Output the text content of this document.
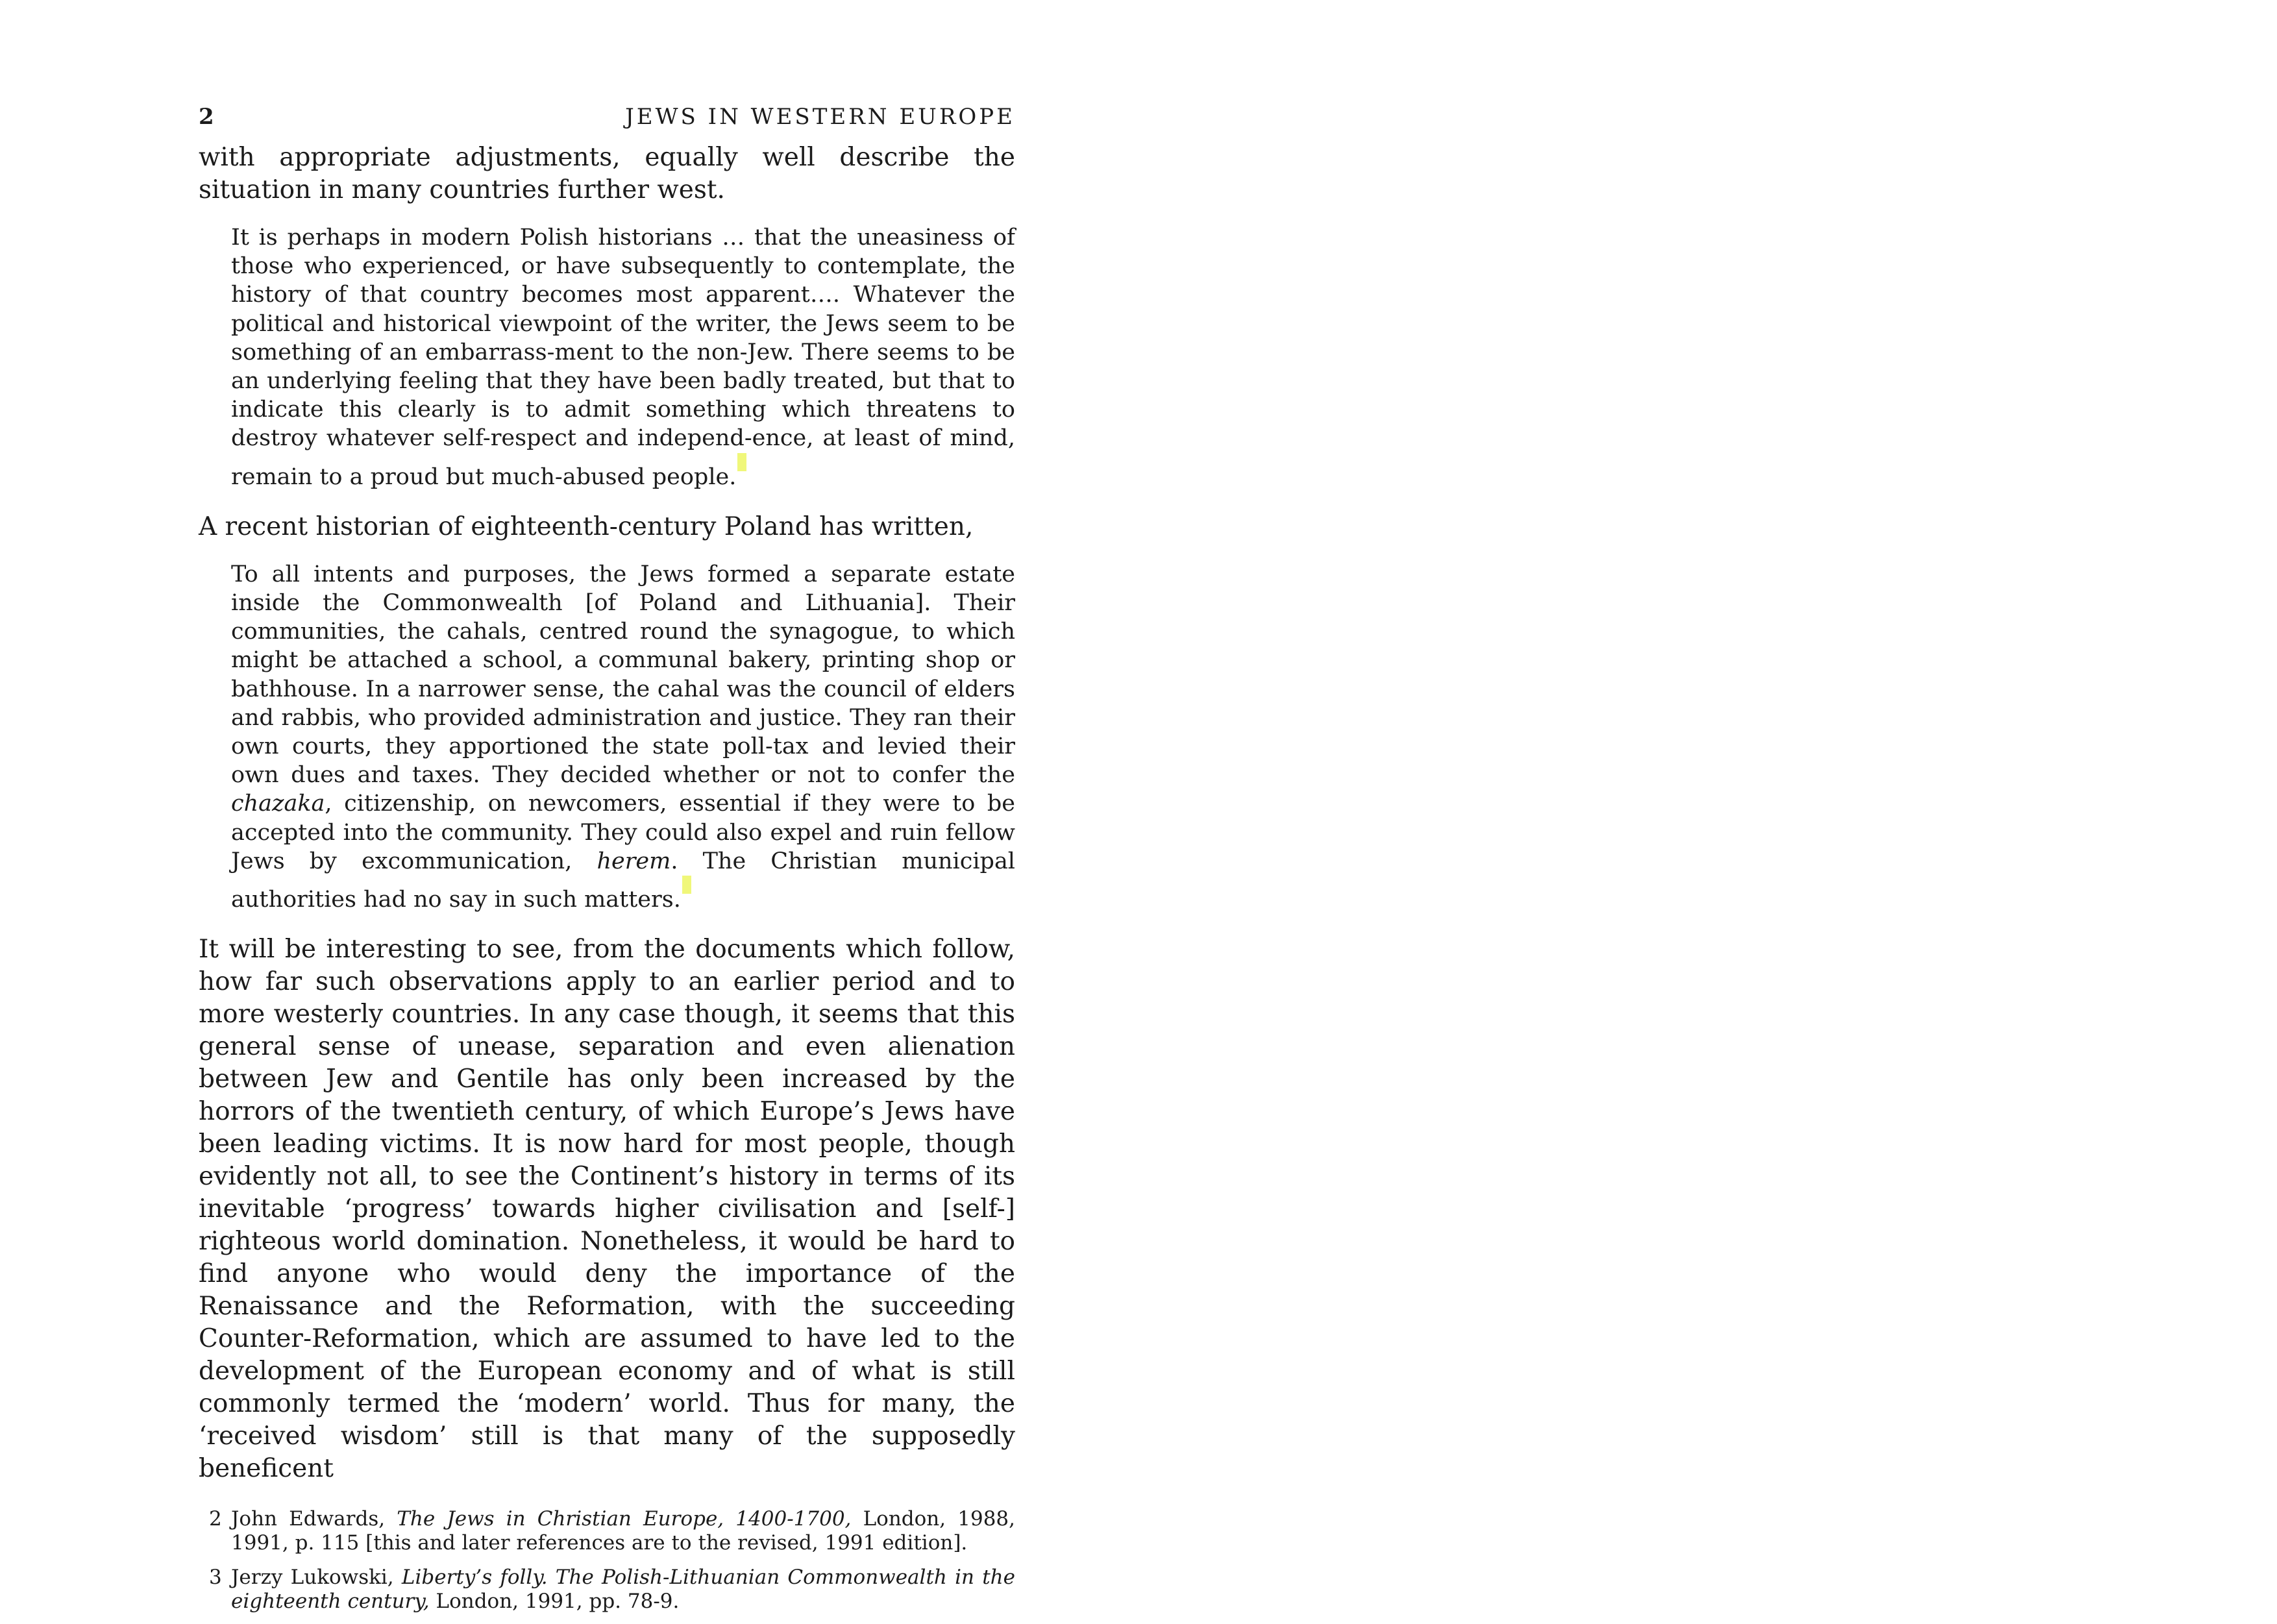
2	JEWS IN WESTERN EUROPE

with appropriate adjustments, equally well describe the situation in many countries further west.

It is perhaps in modern Polish historians … that the uneasiness of those who experienced, or have subsequently to contemplate, the history of that country becomes most apparent…. Whatever the political and historical viewpoint of the writer, the Jews seem to be something of an embarrass-ment to the non-Jew. There seems to be an underlying feeling that they have been badly treated, but that to indicate this clearly is to admit something which threatens to destroy whatever self-respect and independ-ence, at least of mind, remain to a proud but much-abused people.

A recent historian of eighteenth-century Poland has written,

To all intents and purposes, the Jews formed a separate estate inside the Commonwealth [of Poland and Lithuania]. Their communities, the cahals, centred round the synagogue, to which might be attached a school, a communal bakery, printing shop or bathhouse. In a narrower sense, the cahal was the council of elders and rabbis, who provided administration and justice. They ran their own courts, they apportioned the state poll-tax and levied their own dues and taxes. They decided whether or not to confer the chazaka, citizenship, on newcomers, essential if they were to be accepted into the community. They could also expel and ruin fellow Jews by excommunication, herem. The Christian municipal authorities had no say in such matters.

It will be interesting to see, from the documents which follow, how far such observations apply to an earlier period and to more westerly countries. In any case though, it seems that this general sense of unease, separation and even alienation between Jew and Gentile has only been increased by the horrors of the twentieth century, of which Europe’s Jews have been leading victims. It is now hard for most people, though evidently not all, to see the Continent’s history in terms of its inevitable ‘progress’ towards higher civilisation and [self-] righteous world domination. Nonetheless, it would be hard to find anyone who would deny the importance of the Renaissance and the Reformation, with the succeeding Counter-Reformation, which are assumed to have led to the development of the European economy and of what is still commonly termed the ‘modern’ world. Thus for many, the ‘received wisdom’ still is that many of the supposedly beneficent

2 John Edwards, The Jews in Christian Europe, 1400-1700, London, 1988, 1991, p. 115 [this and later references are to the revised, 1991 edition].
3 Jerzy Lukowski, Liberty’s folly. The Polish-Lithuanian Commonwealth in the eighteenth century, London, 1991, pp. 78-9.
